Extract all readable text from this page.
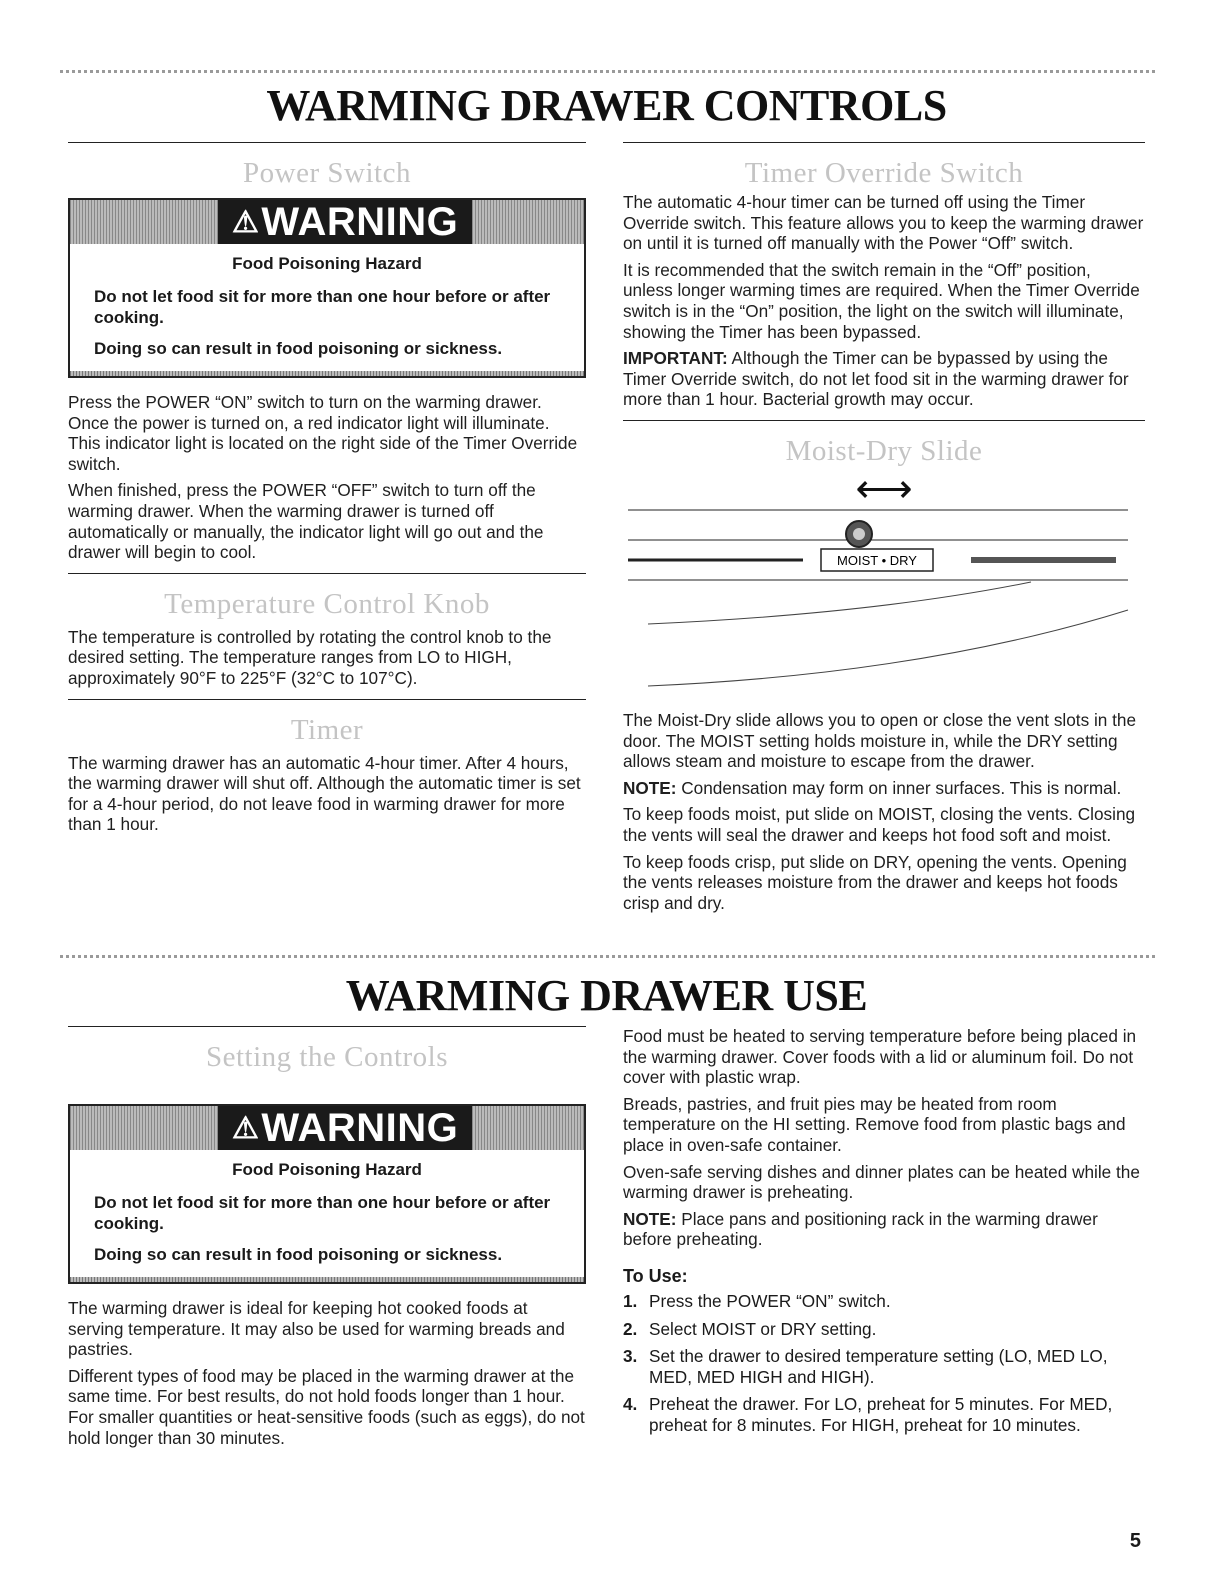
WARMING DRAWER CONTROLS
Power Switch
⚠ WARNING
Food Poisoning Hazard
Do not let food sit for more than one hour before or after cooking.
Doing so can result in food poisoning or sickness.

Press the POWER “ON” switch to turn on the warming drawer. Once the power is turned on, a red indicator light will illuminate. This indicator light is located on the right side of the Timer Override switch.

When finished, press the POWER “OFF” switch to turn off the warming drawer. When the warming drawer is turned off automatically or manually, the indicator light will go out and the drawer will begin to cool.

Temperature Control Knob

The temperature is controlled by rotating the control knob to the desired setting. The temperature ranges from LO to HIGH, approximately 90°F to 225°F (32°C to 107°C).

Timer

The warming drawer has an automatic 4-hour timer. After 4 hours, the warming drawer will shut off. Although the automatic timer is set for a 4-hour period, do not leave food in warming drawer for more than 1 hour.

Timer Override Switch

The automatic 4-hour timer can be turned off using the Timer Override switch. This feature allows you to keep the warming drawer on until it is turned off manually with the Power “Off” switch.

It is recommended that the switch remain in the “Off” position, unless longer warming times are required. When the Timer Override switch is in the “On” position, the light on the switch will illuminate, showing the Timer has been bypassed.

IMPORTANT: Although the Timer can be bypassed by using the Timer Override switch, do not let food sit in the warming drawer for more than 1 hour. Bacterial growth may occur.

Moist-Dry Slide
⟷
MOIST • DRY

The Moist-Dry slide allows you to open or close the vent slots in the door. The MOIST setting holds moisture in, while the DRY setting allows steam and moisture to escape from the drawer.

NOTE: Condensation may form on inner surfaces. This is normal.

To keep foods moist, put slide on MOIST, closing the vents. Closing the vents will seal the drawer and keeps hot food soft and moist.

To keep foods crisp, put slide on DRY, opening the vents. Opening the vents releases moisture from the drawer and keeps hot foods crisp and dry.

WARMING DRAWER USE
Setting the Controls
⚠ WARNING
Food Poisoning Hazard
Do not let food sit for more than one hour before or after cooking.
Doing so can result in food poisoning or sickness.

The warming drawer is ideal for keeping hot cooked foods at serving temperature. It may also be used for warming breads and pastries.

Different types of food may be placed in the warming drawer at the same time. For best results, do not hold foods longer than 1 hour. For smaller quantities or heat-sensitive foods (such as eggs), do not hold longer than 30 minutes.

Food must be heated to serving temperature before being placed in the warming drawer. Cover foods with a lid or aluminum foil. Do not cover with plastic wrap.

Breads, pastries, and fruit pies may be heated from room temperature on the HI setting. Remove food from plastic bags and place in oven-safe container.

Oven-safe serving dishes and dinner plates can be heated while the warming drawer is preheating.

NOTE: Place pans and positioning rack in the warming drawer before preheating.

To Use:
1. Press the POWER “ON” switch.
2. Select MOIST or DRY setting.
3. Set the drawer to desired temperature setting (LO, MED LO, MED, MED HIGH and HIGH).
4. Preheat the drawer. For LO, preheat for 5 minutes. For MED, preheat for 8 minutes. For HIGH, preheat for 10 minutes.
5
